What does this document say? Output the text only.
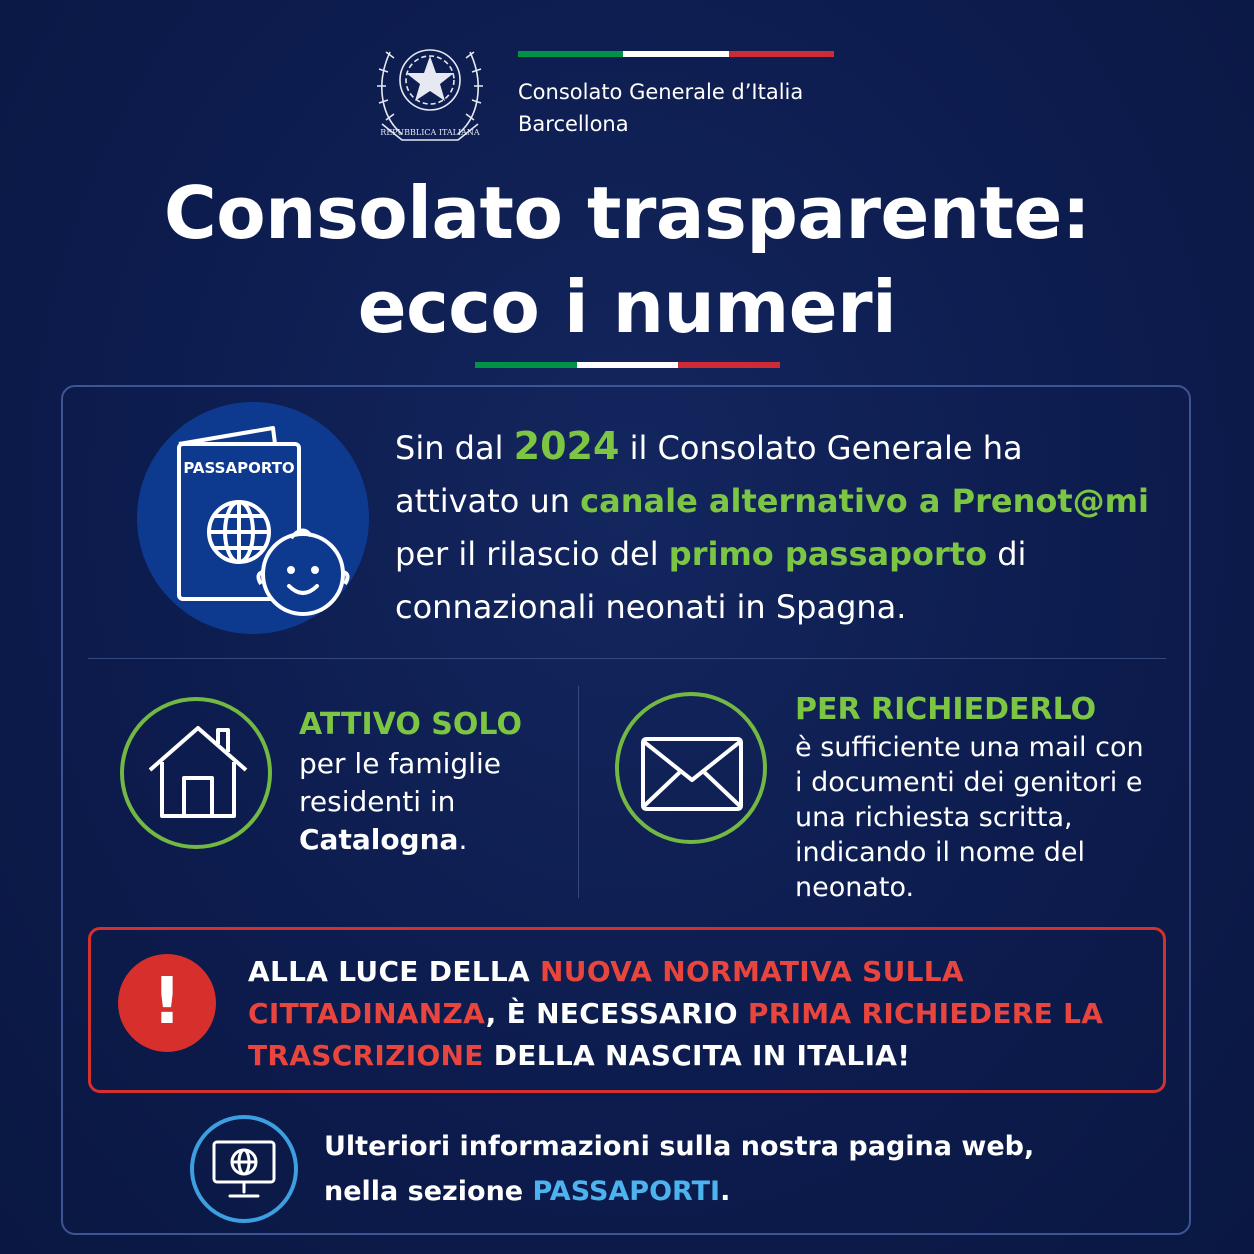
REPUBBLICA ITALIANA
Consolato Generale d’Italia
Barcellona
Consolato trasparente:
ecco i numeri
PASSAPORTO
Sin dal 2024 il Consolato Generale ha attivato un canale alternativo a Prenot@mi per il rilascio del primo passaporto di connazionali neonati in Spagna.
ATTIVO SOLO
per le famiglie residenti in Catalogna.
PER RICHIEDERLO
è sufficiente una mail con i documenti dei genitori e una richiesta scritta, indicando il nome del neonato.
!	ALLA LUCE DELLA NUOVA NORMATIVA SULLA CITTADINANZA, È NECESSARIO PRIMA RICHIEDERE LA TRASCRIZIONE DELLA NASCITA IN ITALIA!
Ulteriori informazioni sulla nostra pagina web,
nella sezione PASSAPORTI.
